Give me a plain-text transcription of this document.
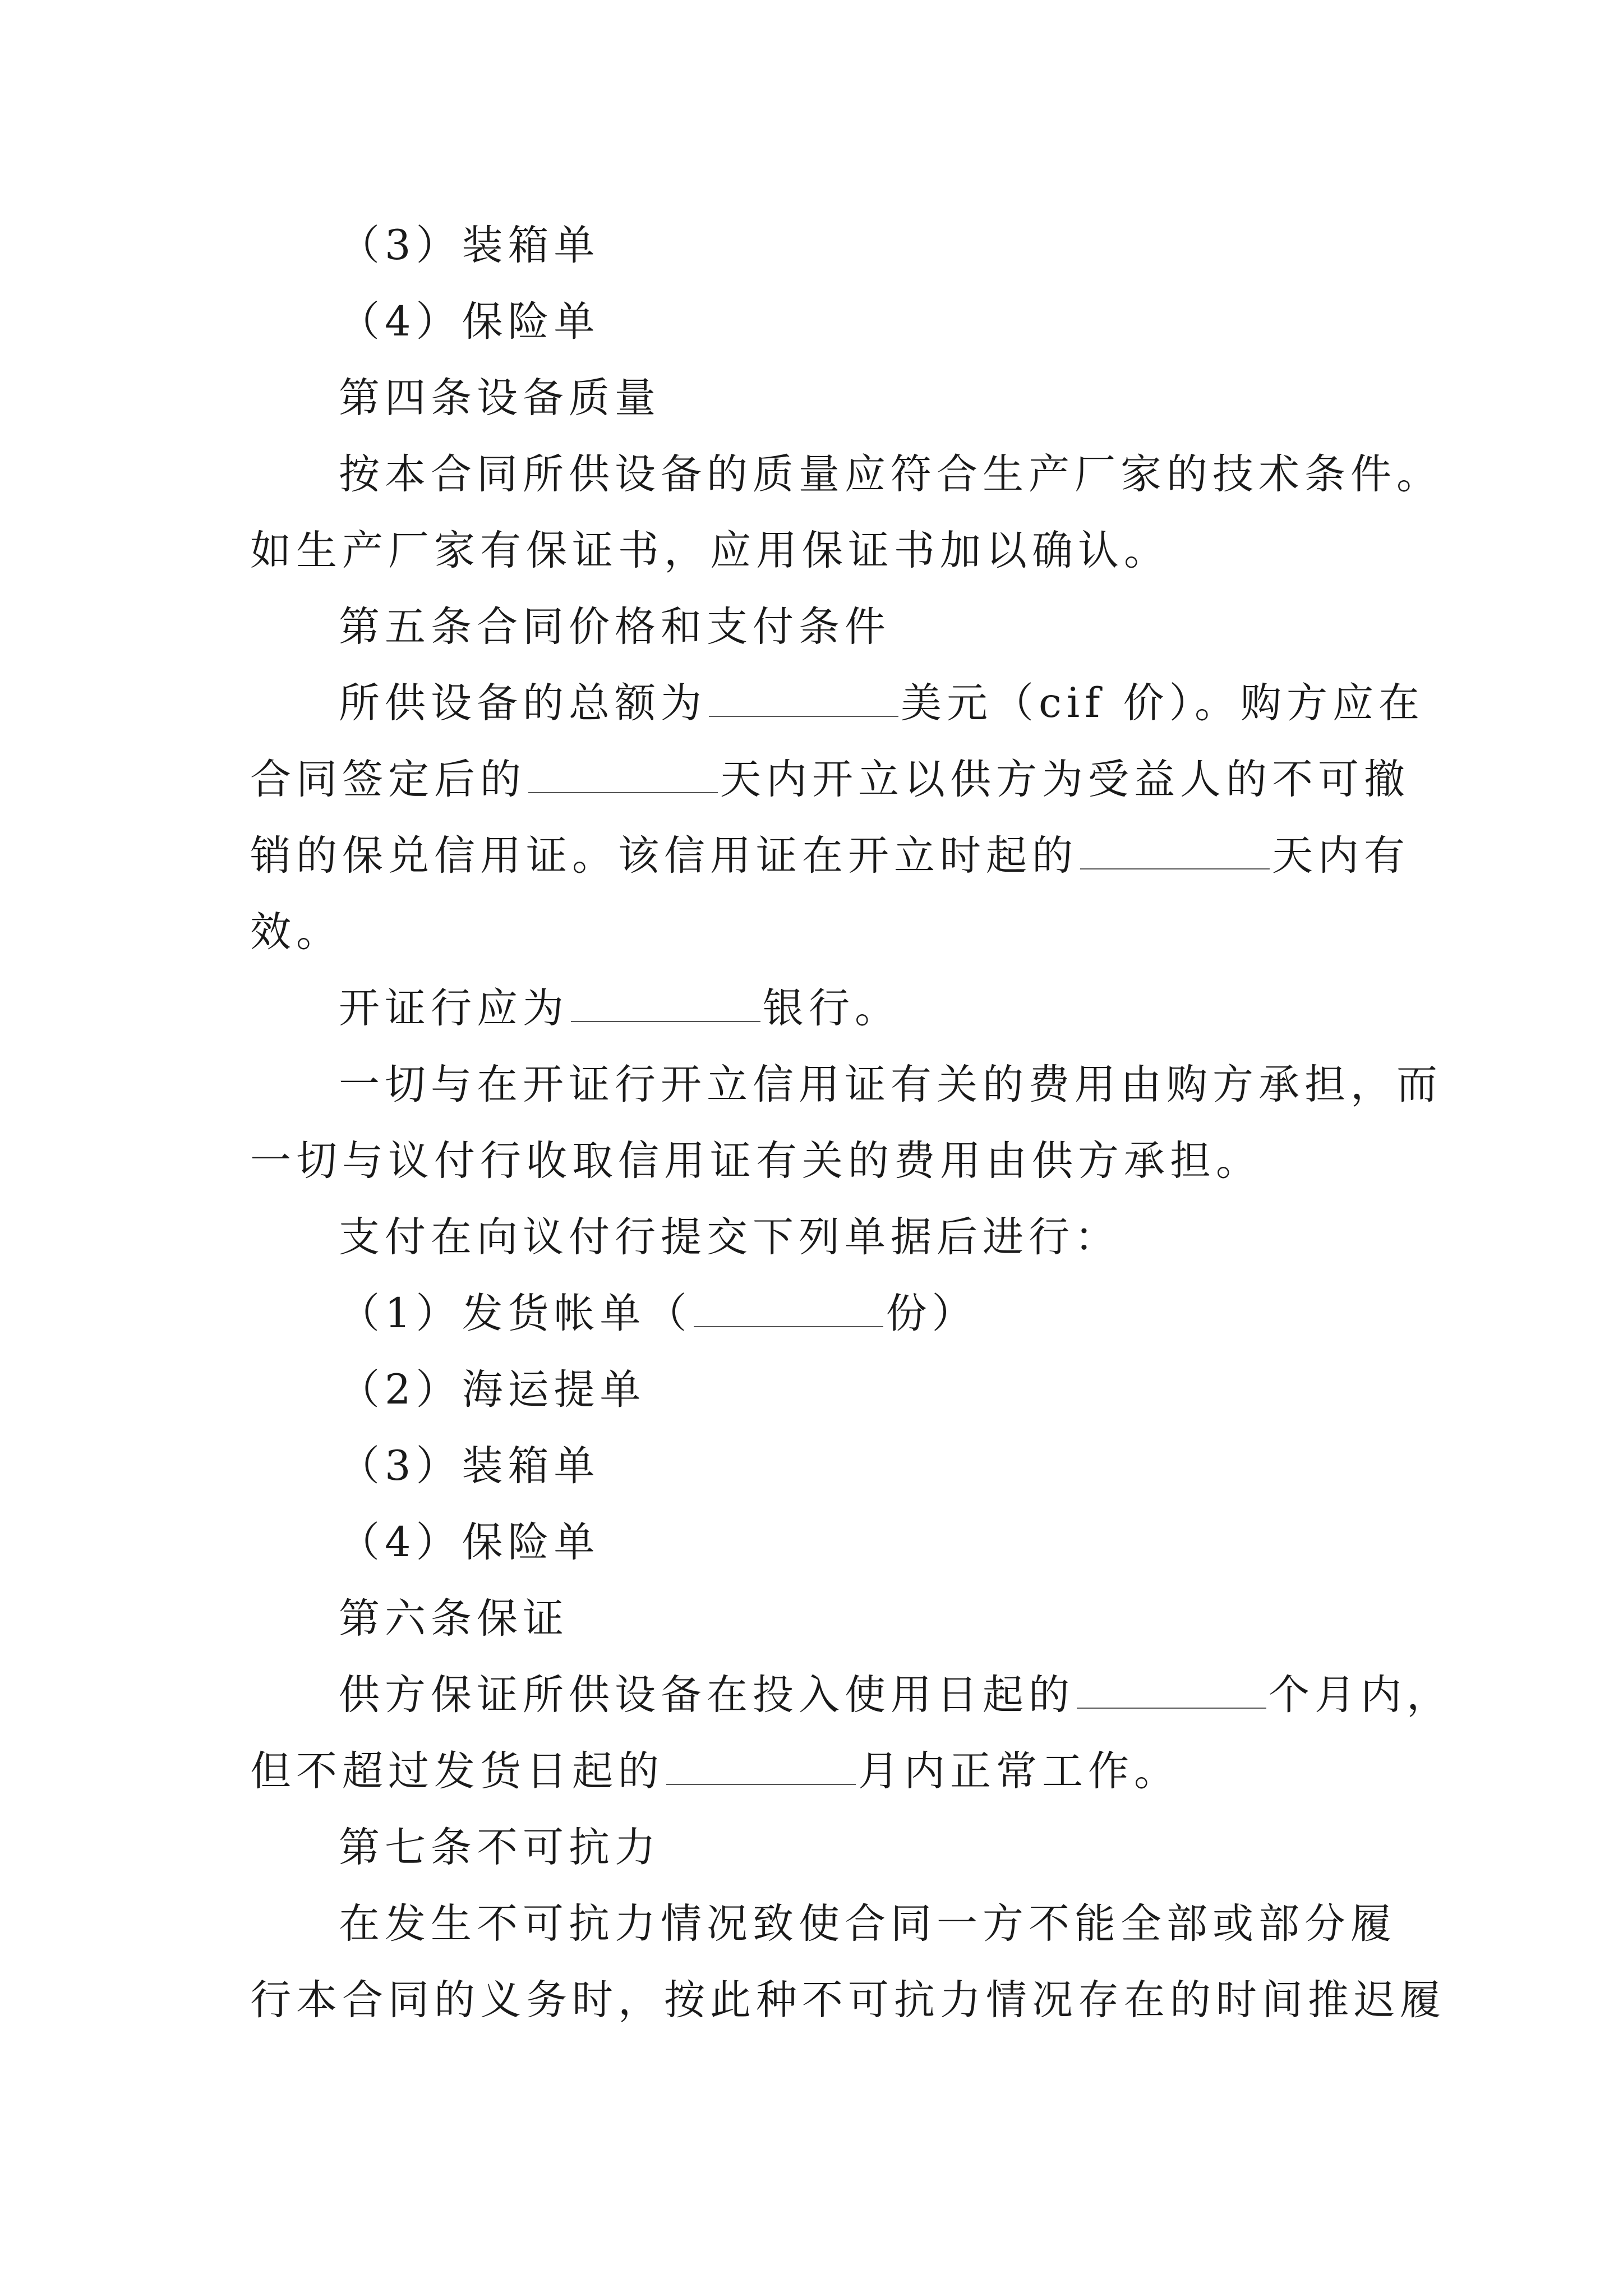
（3）装箱单

（4）保险单

第四条设备质量

按本合同所供设备的质量应符合生产厂家的技术条件。

如生产厂家有保证书，应用保证书加以确认。

第五条合同价格和支付条件

所供设备的总额为	美元（cif 价）。购方应在

合同签定后的	天内开立以供方为受益人的不可撤

销的保兑信用证。该信用证在开立时起的	天内有

效。

开证行应为	银行。

一切与在开证行开立信用证有关的费用由购方承担，而

一切与议付行收取信用证有关的费用由供方承担。

支付在向议付行提交下列单据后进行：

（1）发货帐单（	份）

（2）海运提单

（3）装箱单

（4）保险单

第六条保证

供方保证所供设备在投入使用日起的	个月内，

但不超过发货日起的	月内正常工作。

第七条不可抗力

在发生不可抗力情况致使合同一方不能全部或部分履

行本合同的义务时，按此种不可抗力情况存在的时间推迟履
